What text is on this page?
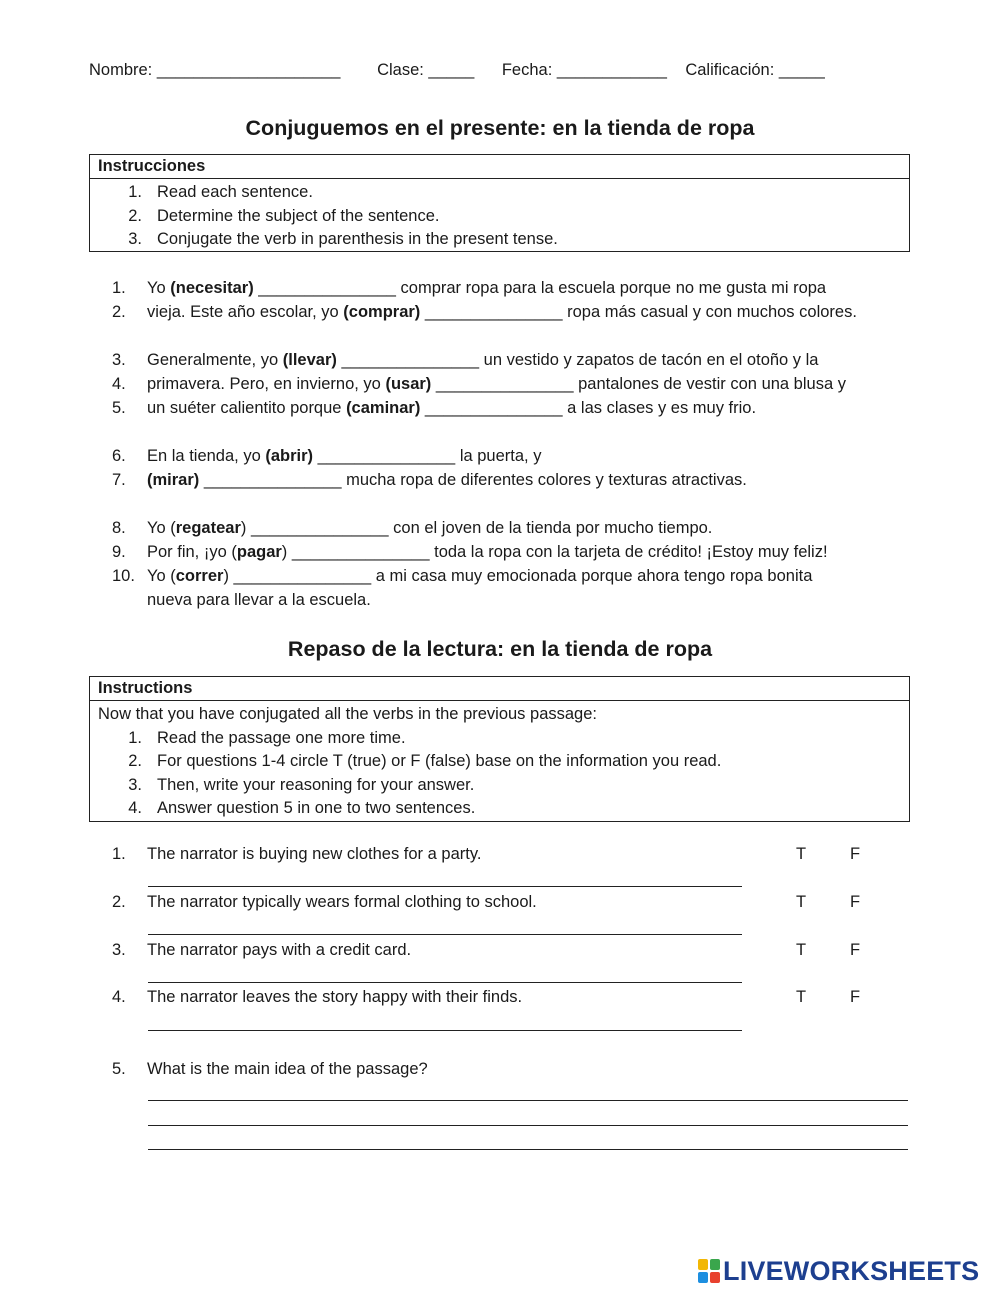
Nombre: ____________________ Clase: _____ Fecha: ____________ Calificación: _____
Conjuguemos en el presente: en la tienda de ropa
Instrucciones
1. Read each sentence.
2. Determine the subject of the sentence.
3. Conjugate the verb in parenthesis in the present tense.
1. Yo (necesitar) _______________ comprar ropa para la escuela porque no me gusta mi ropa
2. vieja. Este año escolar, yo (comprar) _______________ ropa más casual y con muchos colores.
3. Generalmente, yo (llevar) _______________ un vestido y zapatos de tacón en el otoño y la
4. primavera. Pero, en invierno, yo (usar) _______________ pantalones de vestir con una blusa y
5. un suéter calientito porque (caminar) _______________ a las clases y es muy frio.
6. En la tienda, yo (abrir) _______________ la puerta, y
7. (mirar) _______________ mucha ropa de diferentes colores y texturas atractivas.
8. Yo (regatear) _______________ con el joven de la tienda por mucho tiempo.
9. Por fin, ¡yo (pagar) _______________ toda la ropa con la tarjeta de crédito! ¡Estoy muy feliz!
10. Yo (correr) _______________ a mi casa muy emocionada porque ahora tengo ropa bonita
nueva para llevar a la escuela.
Repaso de la lectura: en la tienda de ropa
Instructions
Now that you have conjugated all the verbs in the previous passage:
1. Read the passage one more time.
2. For questions 1-4 circle T (true) or F (false) base on the information you read.
3. Then, write your reasoning for your answer.
4. Answer question 5 in one to two sentences.
1. The narrator is buying new clothes for a party.	T	F
2. The narrator typically wears formal clothing to school.	T	F
3. The narrator pays with a credit card.	T	F
4. The narrator leaves the story happy with their finds.	T	F
5. What is the main idea of the passage?
LIVEWORKSHEETS
